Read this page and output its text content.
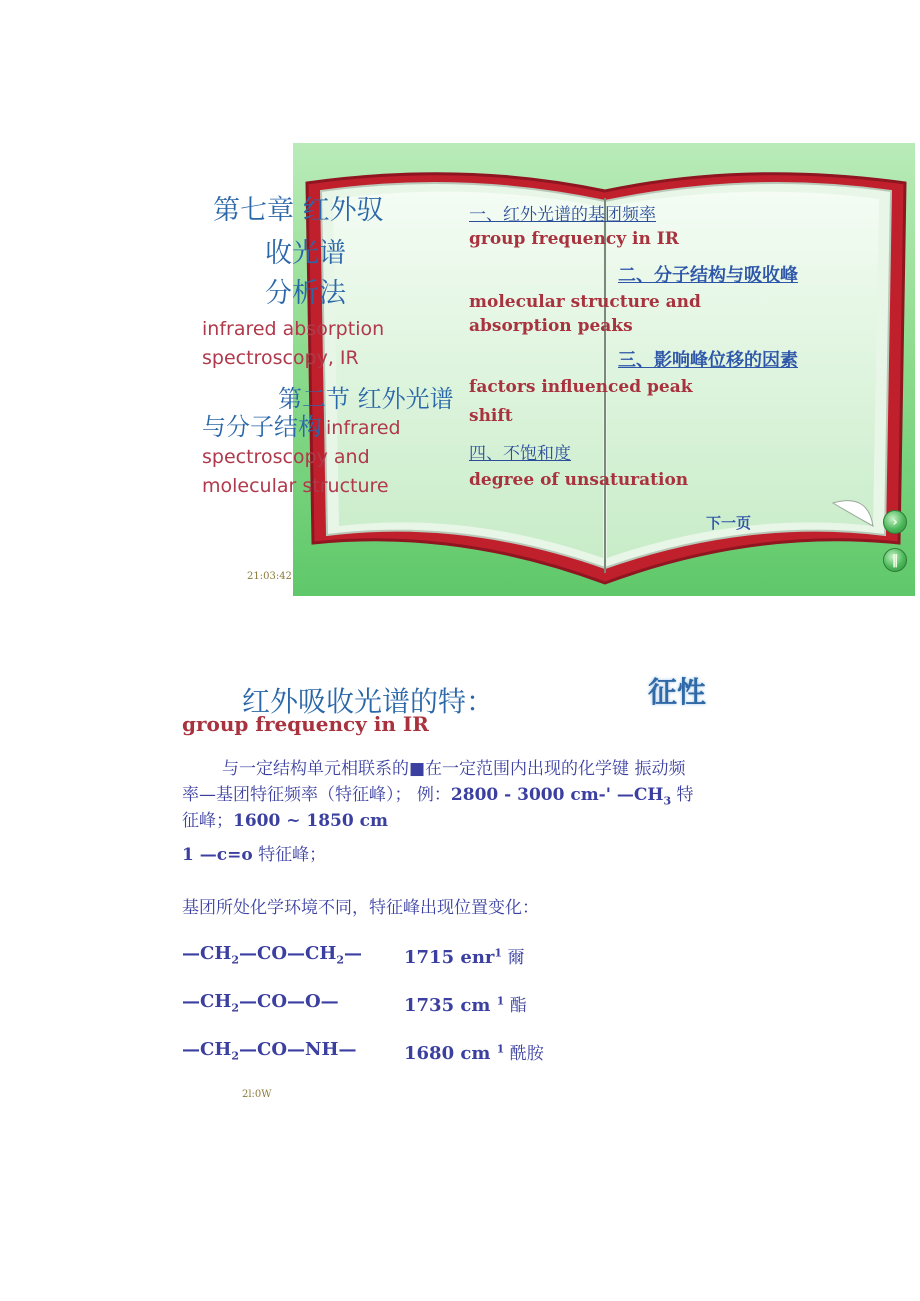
第七章 红外驭
收光谱
分析法
infrared absorption
spectroscopy, IR
第二节 红外光谱
与分子结构 infrared
spectroscopy and
molecular structure
21:03:42
一、红外光谱的基团频率
group frequency in IR
二、分子结构与吸收峰
molecular structure and
absorption peaks
三、影响峰位移的因素
factors influenced peak
shift
四、不饱和度
degree of unsaturation
下一页	›
‖
红外吸收光谱的特：	征性
group frequency in IR
与一定结构单元相联系的■在一定范围内出现的化学键 振动频
率—基团特征频率（特征峰）； 例：2800 - 3000 cm-' $—CH_3$ 特
征峰；1600 ~ 1850 cm
1 —c=o 特征峰；
基团所处化学环境不同，特征峰出现位置变化：
$—CH_2—CO—CH_2—$ 1715 enr$^1$ 爾
$—CH_2—CO—O—$	1735 cm $^1$ 酯
$—CH_2—CO—NH—$	1680 cm $^1$ 酰胺
2l:0W
